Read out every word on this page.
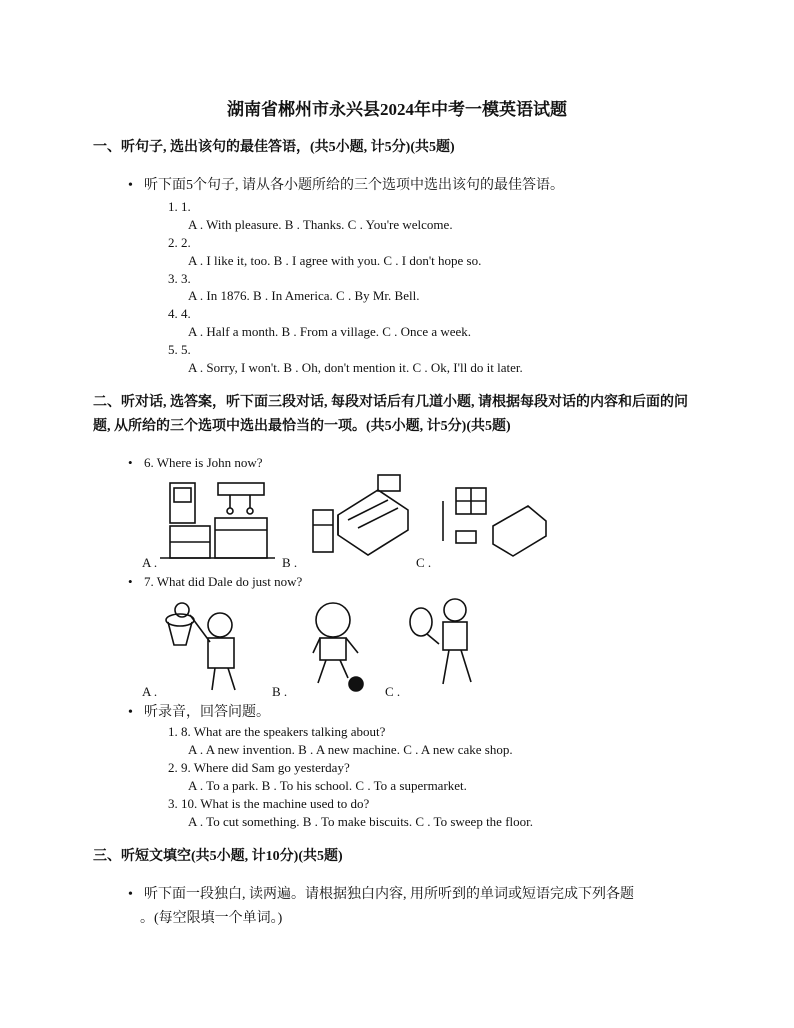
湖南省郴州市永兴县2024年中考一模英语试题
一、听句子, 选出该句的最佳答语，(共5小题, 计5分)(共5题)
• 听下面5个句子, 请从各小题所给的三个选项中选出该句的最佳答语。
1. 1.
A . With pleasure. B . Thanks. C . You're welcome.
2. 2.
A . I like it, too. B . I agree with you. C . I don't hope so.
3. 3.
A . In 1876. B . In America. C . By Mr. Bell.
4. 4.
A . Half a month. B . From a village. C . Once a week.
5. 5.
A . Sorry, I won't. B . Oh, don't mention it. C . Ok, I'll do it later.
二、听对话, 选答案，听下面三段对话, 每段对话后有几道小题, 请根据每段对话的内容和后面的问题, 从所给的三个选项中选出最恰当的一项。(共5小题, 计5分)(共5题)
• 6. Where is John now?
A .	B .	C .
• 7. What did Dale do just now?
A .	B .	C .
• 听录音，回答问题。
1. 8. What are the speakers talking about?
A . A new invention. B . A new machine. C . A new cake shop.
2. 9. Where did Sam go yesterday?
A . To a park. B . To his school. C . To a supermarket.
3. 10. What is the machine used to do?
A . To cut something. B . To make biscuits. C . To sweep the floor.
三、听短文填空(共5小题, 计10分)(共5题)
• 听下面一段独白, 读两遍。请根据独白内容, 用所听到的单词或短语完成下列各题
。(每空限填一个单词。)
